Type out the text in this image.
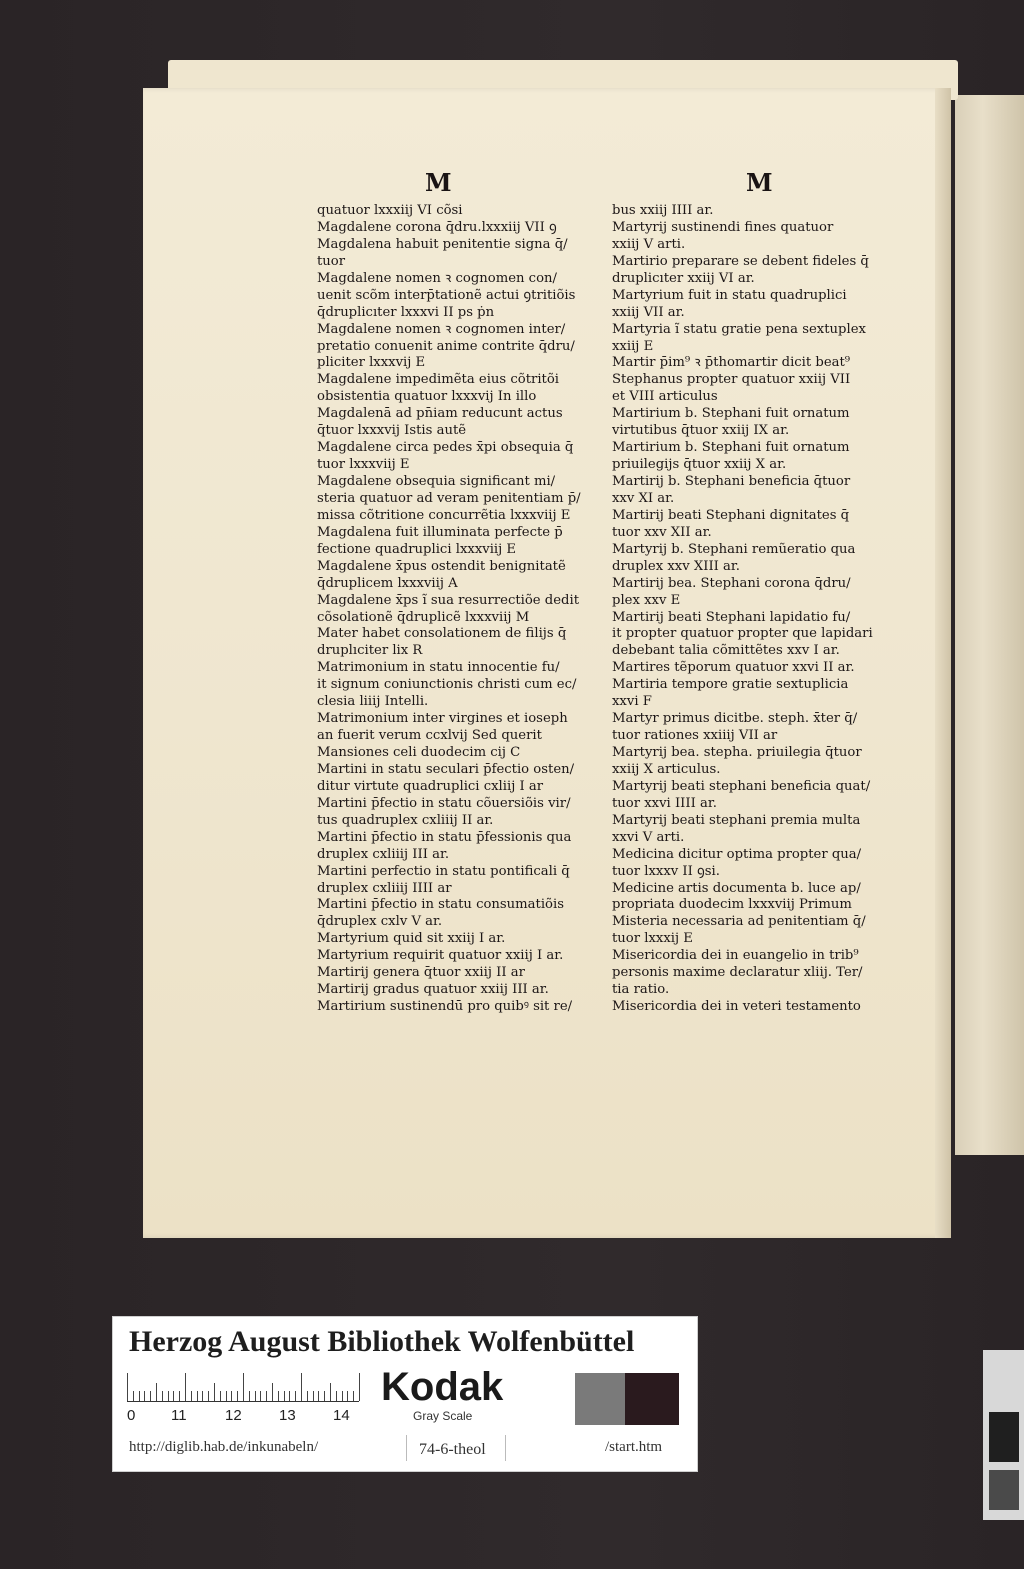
M	M
quatuor lxxxiij VI cõsi
Magdalene corona q̄dru.lxxxiij VII ꝯ
Magdalena habuit penitentie signa q̄/
tuor
Magdalene nomen ꝛ cognomen con/
uenit scõm interp̄tationẽ actui ꝯtritiõis
q̄druplicıter lxxxvi II ps ṗn
Magdalene nomen ꝛ cognomen inter/
pretatio conuenit anime contrite q̄dru/
pliciter lxxxvij E
Magdalene impedimẽta eius cõtritõi
obsistentia quatuor lxxxvij In illo
Magdalenā ad pn̄iam reducunt actus
q̄tuor lxxxvij Istis autẽ
Magdalene circa pedes x̄pi obsequia q̄
tuor lxxxviij E
Magdalene obsequia significant mi/
steria quatuor ad veram penitentiam p̄/
missa cõtritione concurrẽtia lxxxviij E
Magdalena fuit illuminata perfecte p̄
fectione quadruplici lxxxviij E
Magdalene x̄pus ostendit benignitatẽ
q̄druplicem lxxxviij A
Magdalene x̄ps ĩ sua resurrectiõe dedit
cõsolationẽ q̄druplicẽ lxxxviij M
Mater habet consolationem de filijs q̄
druplıciter lix R
Matrimonium in statu innocentie fu/
it signum coniunctionis christi cum ec/
clesia liiij Intelli.
Matrimonium inter virgines et ioseph
an fuerit verum ccxlvij Sed querit
Mansiones celi duodecim cij C
Martini in statu seculari p̄fectio osten/
ditur virtute quadruplici cxliij I ar
Martini p̄fectio in statu cõuersiõis vir/
tus quadruplex cxliiij II ar.
Martini p̄fectio in statu p̄fessionis qua
druplex cxliiij III ar.
Martini perfectio in statu pontificali q̄
druplex cxliiij IIII ar
Martini p̄fectio in statu consumatiõis
q̄druplex cxlv V ar.
Martyrium quid sit xxiij I ar.
Martyrium requirit quatuor xxiij I ar.
Martirij genera q̄tuor xxiij II ar
Martirij gradus quatuor xxiij III ar.
Martirium sustinendū pro quibꝰ sit re/
bus xxiij IIII ar.
Martyrij sustinendi fines quatuor
xxiij V arti.
Martirio preparare se debent fideles q̄
druplicıter xxiij VI ar.
Martyrium fuit in statu quadruplici
xxiij VII ar.
Martyria ĩ statu gratie pena sextuplex
xxiij E
Martir p̄im⁹ ꝛ p̄thomartir dicit beat⁹
Stephanus propter quatuor xxiij VII
et VIII articulus
Martirium b. Stephani fuit ornatum
virtutibus q̄tuor xxiij IX ar.
Martirium b. Stephani fuit ornatum
priuilegijs q̄tuor xxiij X ar.
Martirij b. Stephani beneficia q̄tuor
xxv XI ar.
Martirij beati Stephani dignitates q̄
tuor xxv XII ar.
Martyrij b. Stephani remũeratio qua
druplex xxv XIII ar.
Martirij bea. Stephani corona q̄dru/
plex xxv E
Martirij beati Stephani lapidatio fu/
it propter quatuor propter que lapidari
debebant talia cõmittẽtes xxv I ar.
Martires tẽporum quatuor xxvi II ar.
Martiria tempore gratie sextuplicia
xxvi F
Martyr primus dicitbe. steph. x̄ter q̄/
tuor rationes xxiiij VII ar
Martyrij bea. stepha. priuilegia q̄tuor
xxiij X articulus.
Martyrij beati stephani beneficia quat/
tuor xxvi IIII ar.
Martyrij beati stephani premia multa
xxvi V arti.
Medicina dicitur optima propter qua/
tuor lxxxv II ꝯsi.
Medicine artis documenta b. luce ap/
propriata duodecim lxxxviij Primum
Misteria necessaria ad penitentiam q̄/
tuor lxxxij E
Misericordia dei in euangelio in trib⁹
personis maxime declaratur xliij. Ter/
tia ratio.
Misericordia dei in veteri testamento
Herzog August Bibliothek Wolfenbüttel
0 11	12 13 14
Kodak
Gray Scale
http://diglib.hab.de/inkunabeln/	74-6-theol	/start.htm
